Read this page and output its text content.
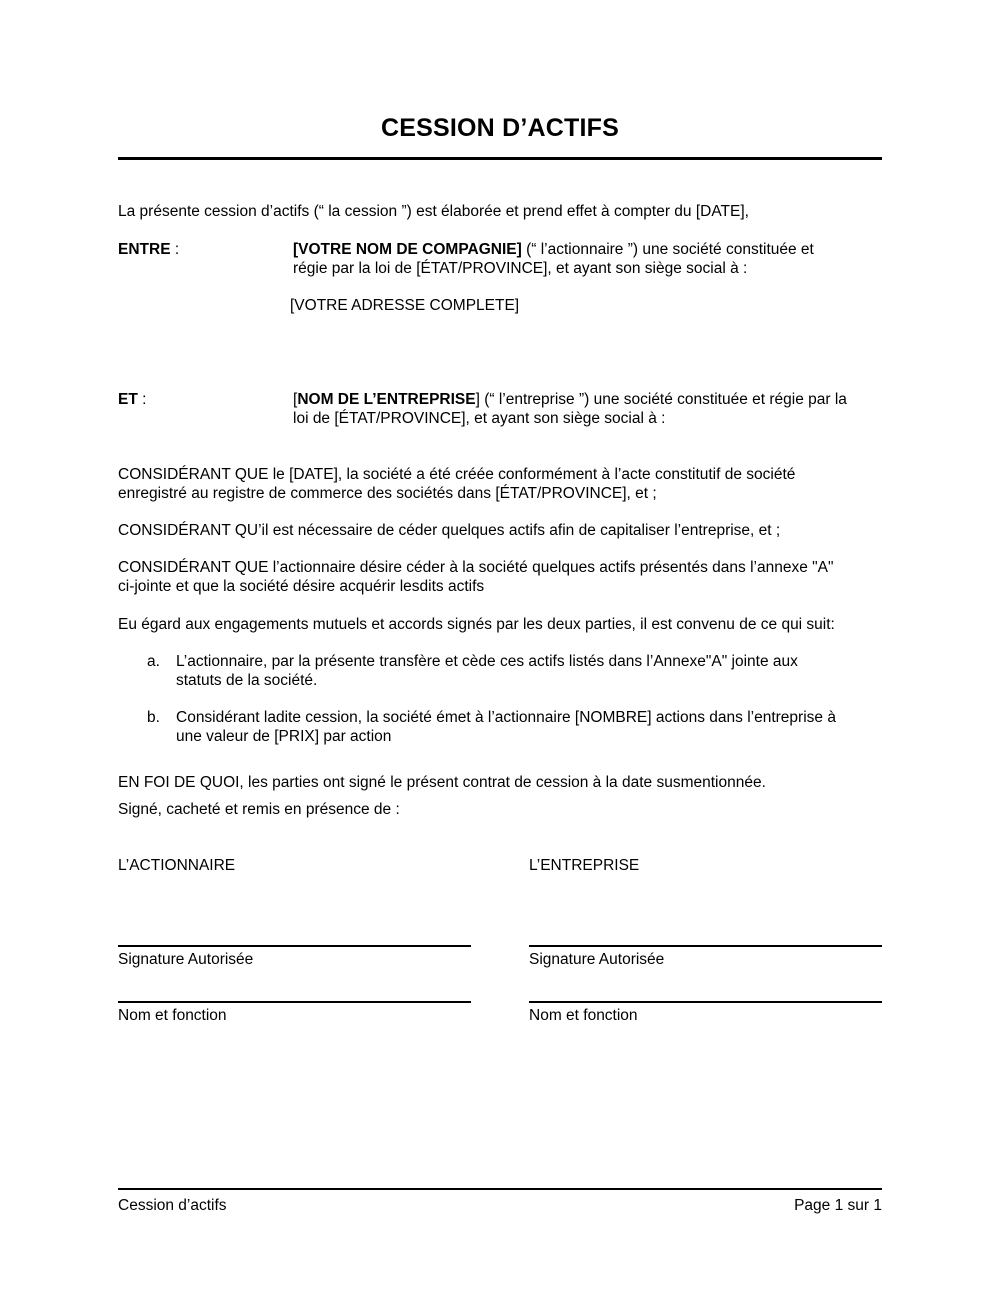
CESSION D’ACTIFS
La présente cession d’actifs (“ la cession ”) est élaborée et prend effet à compter du [DATE],
ENTRE :	[VOTRE NOM DE COMPAGNIE] (“ l’actionnaire ”) une société constituée et
régie par la loi de [ÉTAT/PROVINCE], et ayant son siège social à :
[VOTRE ADRESSE COMPLETE]
ET :	[NOM DE L’ENTREPRISE] (“ l’entreprise ”) une société constituée et régie par la
loi de [ÉTAT/PROVINCE], et ayant son siège social à :
CONSIDÉRANT QUE le [DATE], la société a été créée conformément à l’acte constitutif de société
enregistré au registre de commerce des sociétés dans [ÉTAT/PROVINCE], et ;
CONSIDÉRANT QU’il est nécessaire de céder quelques actifs afin de capitaliser l’entreprise, et ;
CONSIDÉRANT QUE l’actionnaire désire céder à la société quelques actifs présentés dans l’annexe "A"
ci-jointe et que la société désire acquérir lesdits actifs
Eu égard aux engagements mutuels et accords signés par les deux parties, il est convenu de ce qui suit:
a. L’actionnaire, par la présente transfère et cède ces actifs listés dans l’Annexe"A" jointe aux
statuts de la société.
b. Considérant ladite cession, la société émet à l’actionnaire [NOMBRE] actions dans l’entreprise à
une valeur de [PRIX] par action
EN FOI DE QUOI, les parties ont signé le présent contrat de cession à la date susmentionnée.
Signé, cacheté et remis en présence de :
L’ACTIONNAIRE	L’ENTREPRISE
Signature Autorisée	Signature Autorisée
Nom et fonction	Nom et fonction
Cession d’actifs	Page 1 sur 1
